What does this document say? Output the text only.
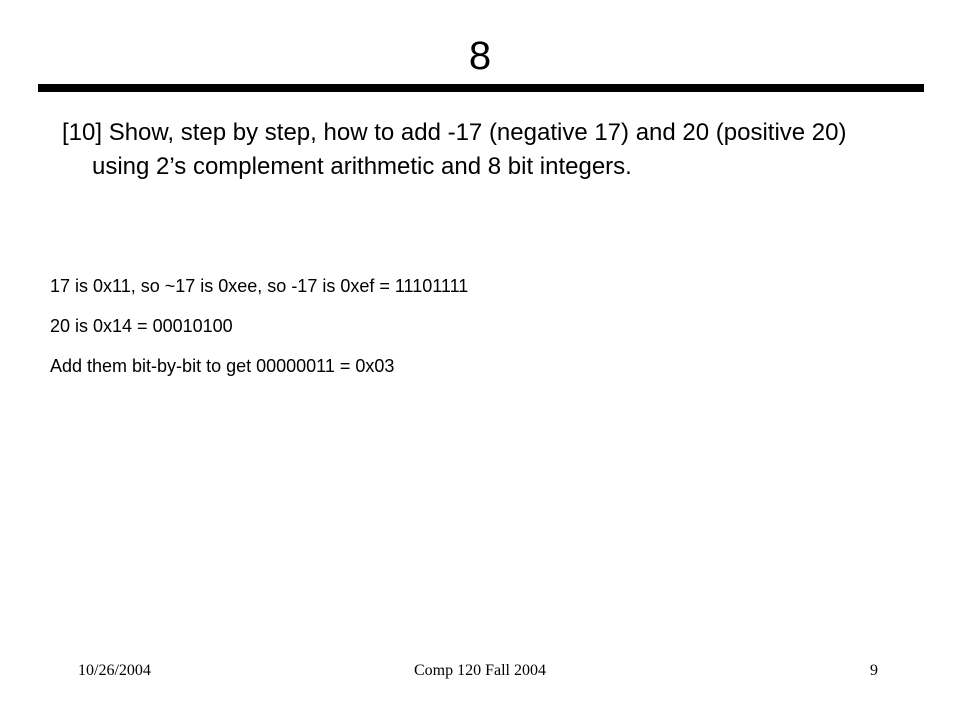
8

[10] Show, step by step, how to add -17 (negative 17) and 20 (positive 20) using 2’s complement arithmetic and 8 bit integers.

17 is 0x11, so ~17 is 0xee, so -17 is 0xef = 11101111
20 is 0x14 = 00010100
Add them bit-by-bit to get 00000011 = 0x03
Comp 120 Fall 2004
10/26/2004	9
